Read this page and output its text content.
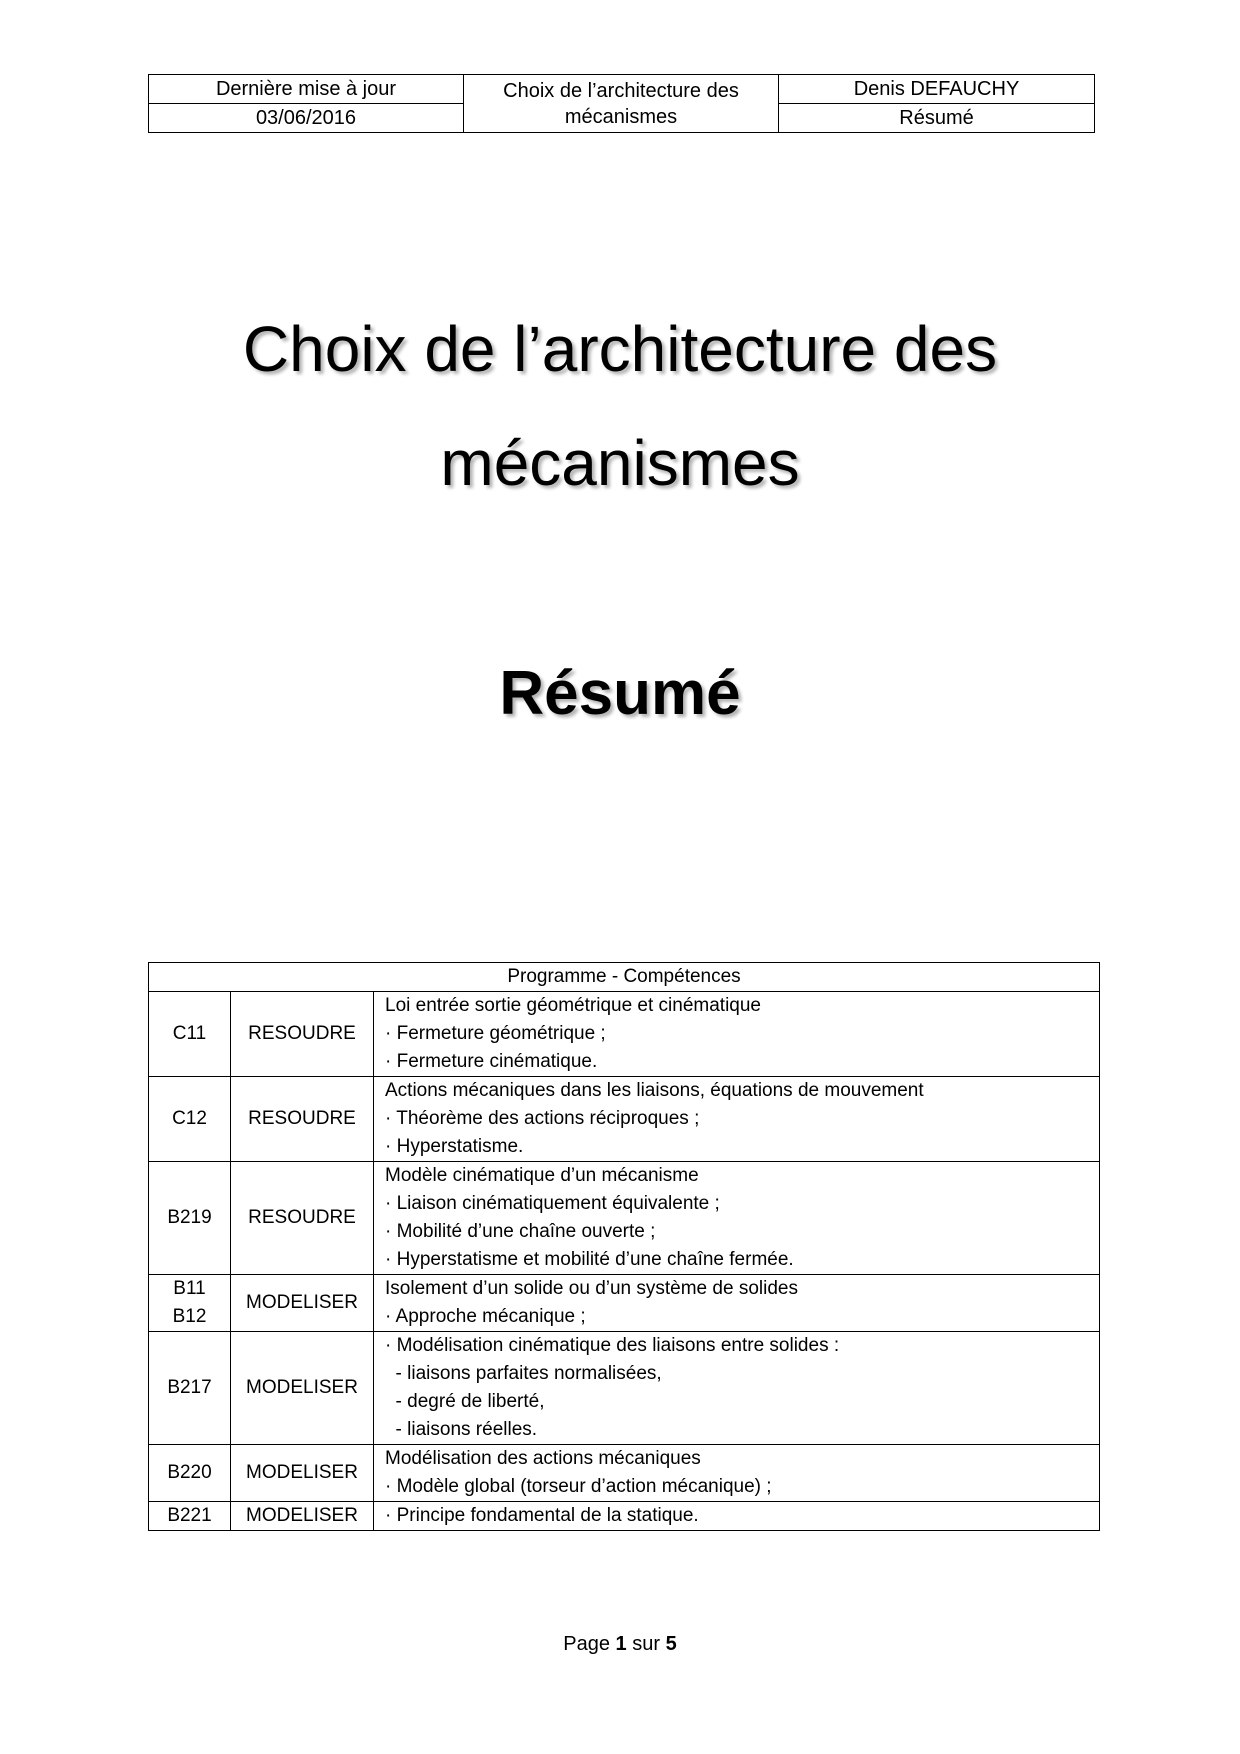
Dernière mise à jour	Choix de l’architecture des mécanismes	Denis DEFAUCHY
03/06/2016		Résumé
Choix de l’architecture des
mécanismes
Résumé
Programme - Compétences		

C11	RESOUDRE	Loi entrée sortie géométrique et cinématique
· Fermeture géométrique ;
· Fermeture cinématique.

C12	RESOUDRE	Actions mécaniques dans les liaisons, équations de mouvement
· Théorème des actions réciproques ;
· Hyperstatisme.

B219	RESOUDRE	Modèle cinématique d’un mécanisme
· Liaison cinématiquement équivalente ;
· Mobilité d’une chaîne ouverte ;
· Hyperstatisme et mobilité d’une chaîne fermée.

B11
B12	MODELISER	Isolement d’un solide ou d’un système de solides
· Approche mécanique ;

B217	MODELISER	· Modélisation cinématique des liaisons entre solides :
- liaisons parfaites normalisées,
- degré de liberté,
- liaisons réelles.

B220	MODELISER	Modélisation des actions mécaniques
· Modèle global (torseur d’action mécanique) ;

B221	MODELISER	· Principe fondamental de la statique.
Page 1 sur 5
